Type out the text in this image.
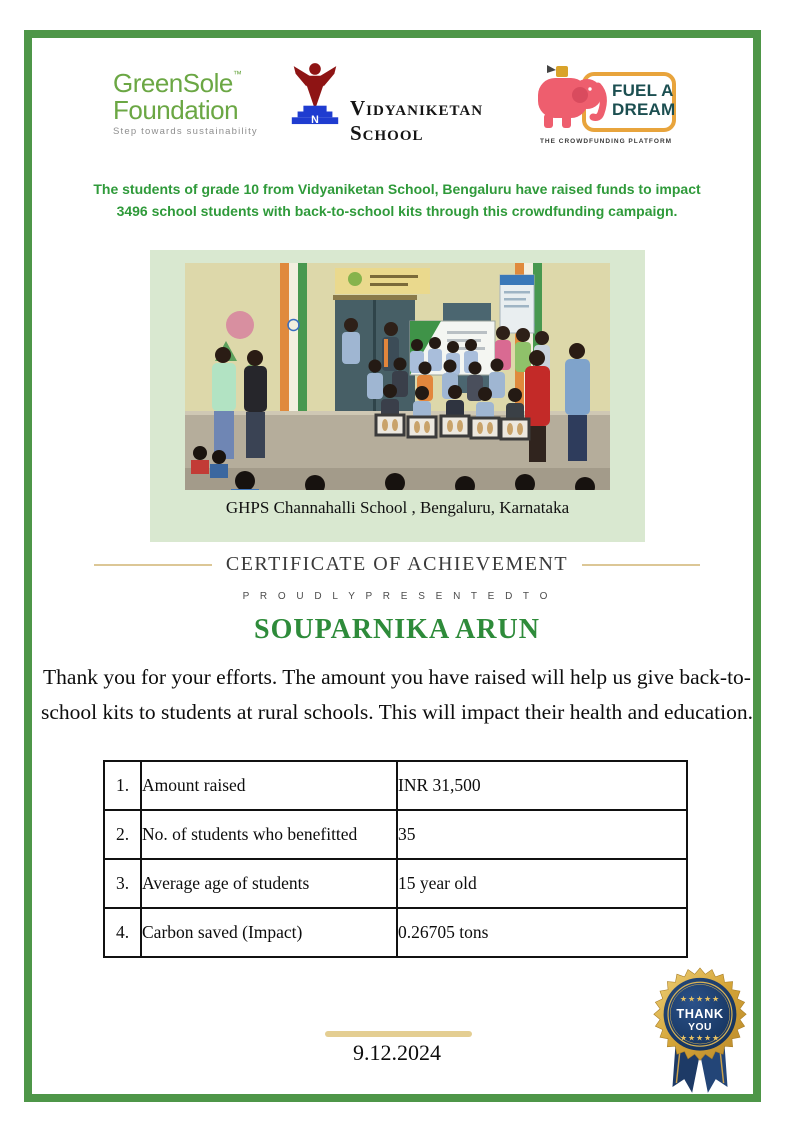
GreenSole™
Foundation
Step towards sustainability
N
Vidyaniketan School
FUEL A
DREAM
THE CROWDFUNDING PLATFORM
The students of grade 10 from Vidyaniketan School, Bengaluru have raised funds to impact
3496 school students with back-to-school kits through this crowdfunding campaign.
GHPS Channahalli School , Bengaluru, Karnataka
CERTIFICATE OF ACHIEVEMENT
P R O U D L Y P R E S E N T E D T O
SOUPARNIKA ARUN
Thank you for your efforts. The amount you have raised will help us give back-to-
school kits to students at rural schools. This will impact their health and education.
1.	Amount raised	INR 31,500
2.	No. of students who benefitted	35
3.	Average age of students	15 year old
4.	Carbon saved (Impact)	0.26705 tons
9.12.2024
★★★★★
THANK
YOU
★★★★★
